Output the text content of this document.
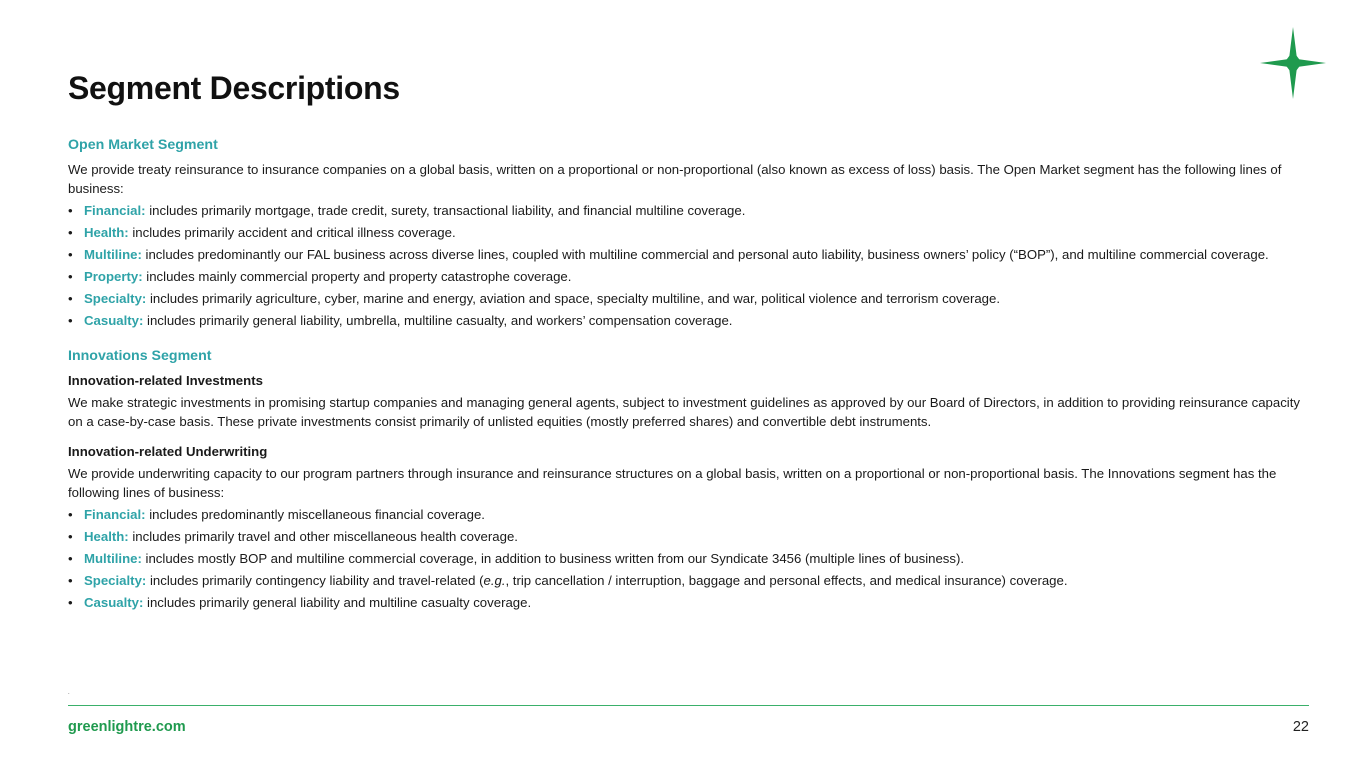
Segment Descriptions
Open Market Segment

We provide treaty reinsurance to insurance companies on a global basis, written on a proportional or non-proportional (also known as excess of loss) basis. The Open Market segment has the following lines of business:

• Financial: includes primarily mortgage, trade credit, surety, transactional liability, and financial multiline coverage.
• Health: includes primarily accident and critical illness coverage.
• Multiline: includes predominantly our FAL business across diverse lines, coupled with multiline commercial and personal auto liability, business owners’ policy (“BOP”), and multiline commercial coverage.
• Property: includes mainly commercial property and property catastrophe coverage.
• Specialty: includes primarily agriculture, cyber, marine and energy, aviation and space, specialty multiline, and war, political violence and terrorism coverage.
• Casualty: includes primarily general liability, umbrella, multiline casualty, and workers’ compensation coverage.
Innovations Segment
Innovation-related Investments

We make strategic investments in promising startup companies and managing general agents, subject to investment guidelines as approved by our Board of Directors, in addition to providing reinsurance capacity on a case-by-case basis. These private investments consist primarily of unlisted equities (mostly preferred shares) and convertible debt instruments.

Innovation-related Underwriting

We provide underwriting capacity to our program partners through insurance and reinsurance structures on a global basis, written on a proportional or non-proportional basis. The Innovations segment has the following lines of business:

• Financial: includes predominantly miscellaneous financial coverage.
• Health: includes primarily travel and other miscellaneous health coverage.
• Multiline: includes mostly BOP and multiline commercial coverage, in addition to business written from our Syndicate 3456 (multiple lines of business).
• Specialty: includes primarily contingency liability and travel-related (e.g., trip cancellation / interruption, baggage and personal effects, and medical insurance) coverage.
• Casualty: includes primarily general liability and multiline casualty coverage.
.
greenlightre.com	22
